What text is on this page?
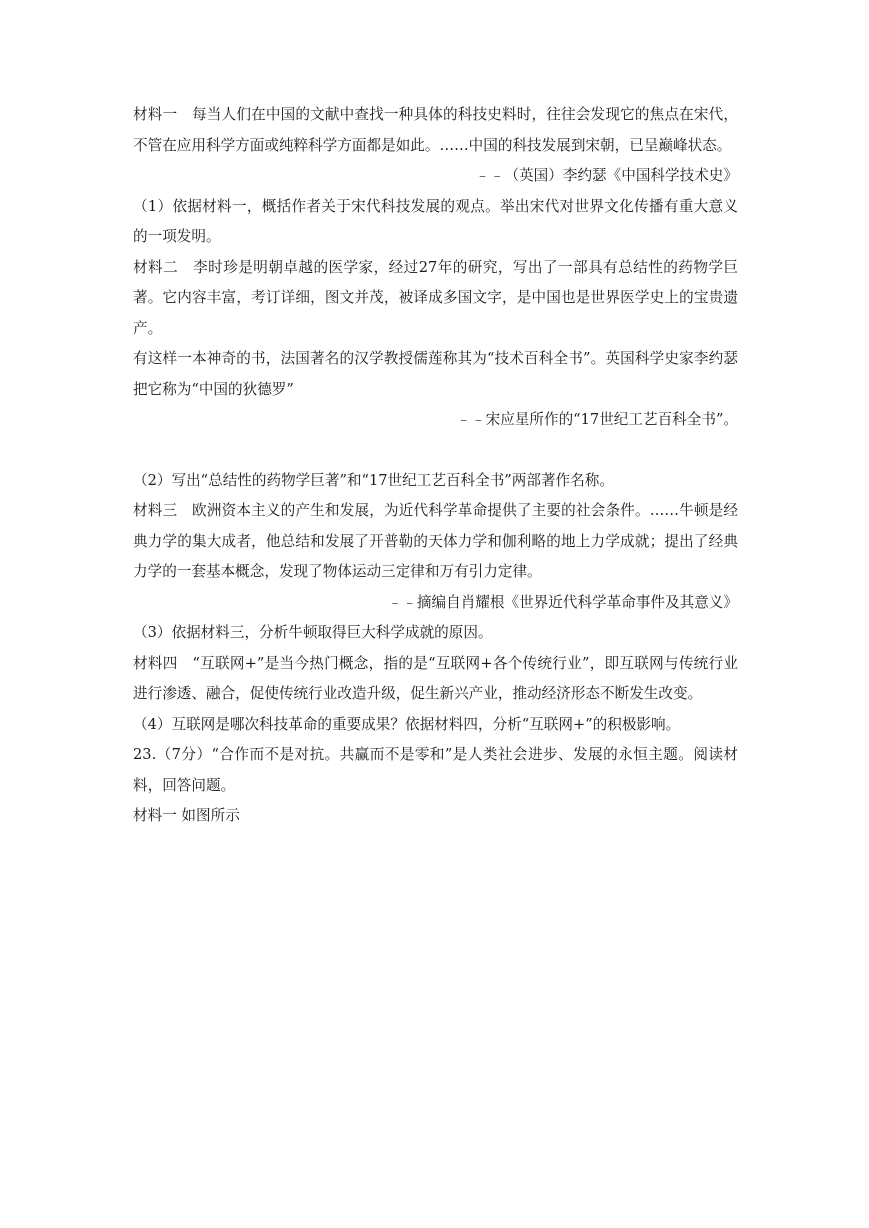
材料一　每当人们在中国的文献中查找一种具体的科技史料时，往往会发现它的焦点在宋代，不管在应用科学方面或纯粹科学方面都是如此。……中国的科技发展到宋朝，已呈巅峰状态。

﹣﹣（英国）李约瑟《中国科学技术史》

（1）依据材料一，概括作者关于宋代科技发展的观点。举出宋代对世界文化传播有重大意义的一项发明。

材料二　李时珍是明朝卓越的医学家，经过27年的研究，写出了一部具有总结性的药物学巨著。它内容丰富，考订详细，图文并茂，被译成多国文字，是中国也是世界医学史上的宝贵遗产。

有这样一本神奇的书，法国著名的汉学教授儒莲称其为“技术百科全书”。英国科学史家李约瑟把它称为“中国的狄德罗”

﹣﹣宋应星所作的“17世纪工艺百科全书”。

（2）写出“总结性的药物学巨著”和“17世纪工艺百科全书”两部著作名称。

材料三　欧洲资本主义的产生和发展，为近代科学革命提供了主要的社会条件。……牛顿是经典力学的集大成者，他总结和发展了开普勒的天体力学和伽利略的地上力学成就；提出了经典力学的一套基本概念，发现了物体运动三定律和万有引力定律。

﹣﹣摘编自肖耀根《世界近代科学革命事件及其意义》

（3）依据材料三，分析牛顿取得巨大科学成就的原因。

材料四　“互联网+”是当今热门概念，指的是“互联网+各个传统行业”，即互联网与传统行业进行渗透、融合，促使传统行业改造升级，促生新兴产业，推动经济形态不断发生改变。

（4）互联网是哪次科技革命的重要成果？依据材料四，分析“互联网+”的积极影响。

23.（7分）“合作而不是对抗。共赢而不是零和”是人类社会进步、发展的永恒主题。阅读材料，回答问题。

材料一 如图所示
